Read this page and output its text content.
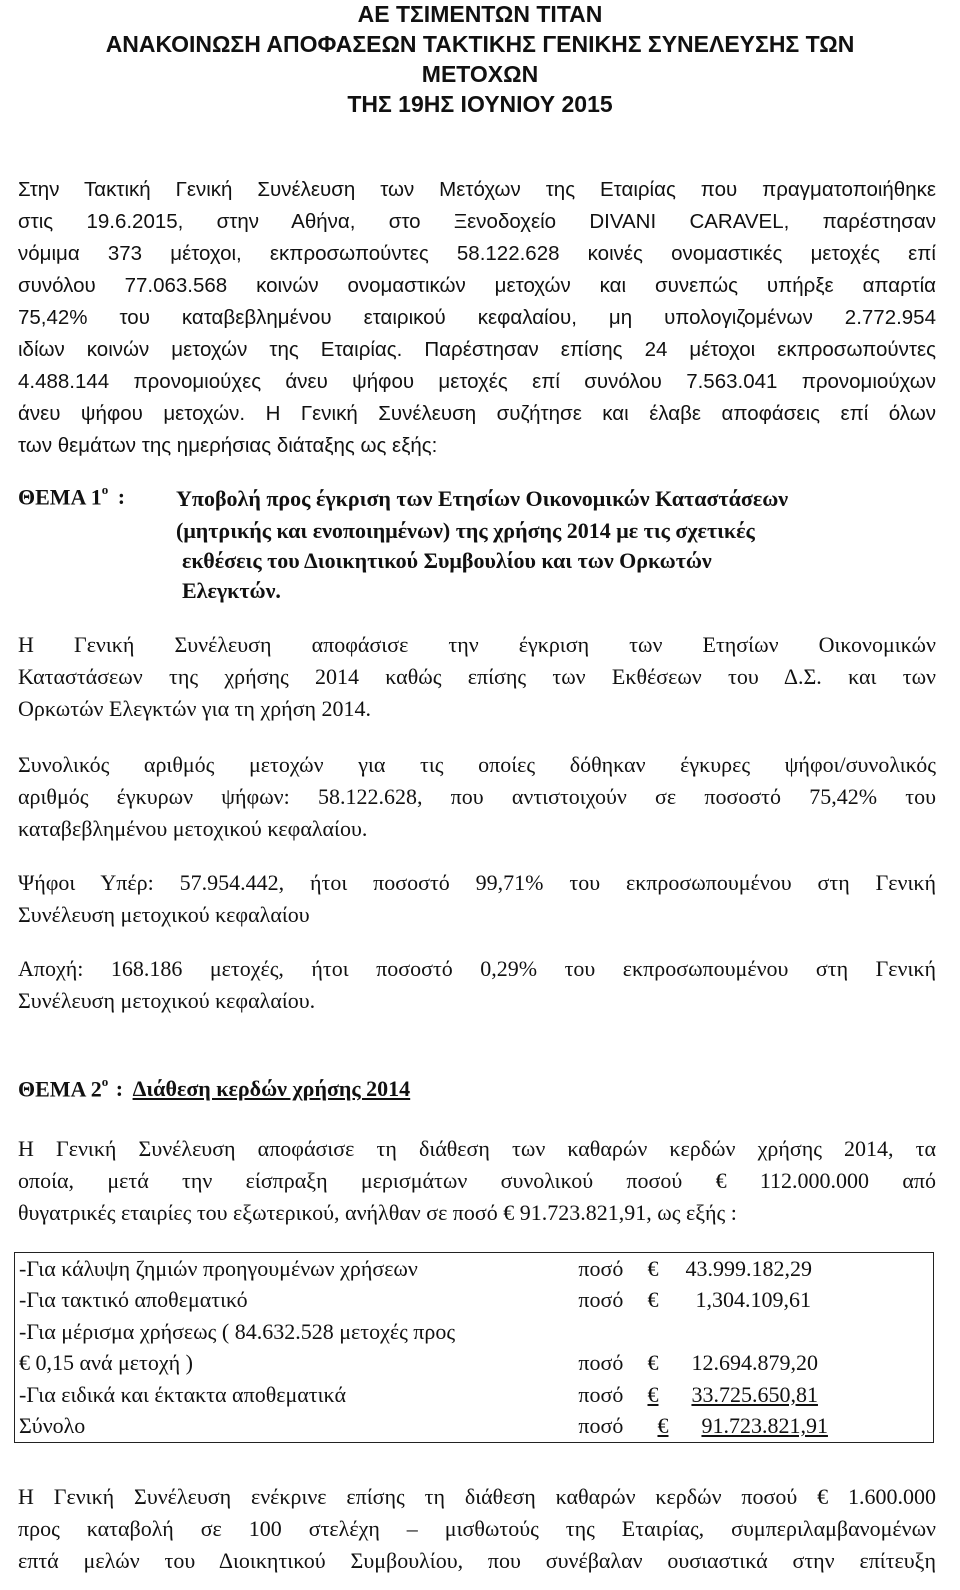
ΑΕ ΤΣΙΜΕΝΤΩΝ ΤΙΤΑΝ
ΑΝΑΚΟΙΝΩΣΗ ΑΠΟΦΑΣΕΩΝ ΤΑΚΤΙΚΗΣ ΓΕΝΙΚΗΣ ΣΥΝΕΛΕΥΣΗΣ ΤΩΝ
ΜΕΤΟΧΩΝ
ΤΗΣ 19ΗΣ ΙΟΥΝΙΟΥ 2015
Στην Τακτική Γενική Συνέλευση των Μετόχων της Εταιρίας που πραγματοποιήθηκε
στις 19.6.2015, στην Αθήνα, στο Ξενοδοχείο DIVANI CARAVEL, παρέστησαν
νόμιμα 373 μέτοχοι, εκπροσωπούντες 58.122.628 κοινές ονομαστικές μετοχές επί
συνόλου 77.063.568 κοινών ονομαστικών μετοχών και συνεπώς υπήρξε απαρτία
75,42% του καταβεβλημένου εταιρικού κεφαλαίου, μη υπολογιζομένων 2.772.954
ιδίων κοινών μετοχών της Εταιρίας. Παρέστησαν επίσης 24 μέτοχοι εκπροσωπούντες
4.488.144 προνομιούχες άνευ ψήφου μετοχές επί συνόλου 7.563.041 προνομιούχων
άνευ ψήφου μετοχών. Η Γενική Συνέλευση συζήτησε και έλαβε αποφάσεις επί όλων
των θεμάτων της ημερήσιας διάταξης ως εξής:
ΘΕΜΑ $1^o$ : Υποβολή προς έγκριση των Ετησίων Οικονομικών Καταστάσεων
(μητρικής και ενοποιημένων) της χρήσης 2014 με τις σχετικές
εκθέσεις του Διοικητικού Συμβουλίου και των Ορκωτών
Ελεγκτών.
Η Γενική Συνέλευση αποφάσισε την έγκριση των Ετησίων Οικονομικών
Καταστάσεων της χρήσης 2014 καθώς επίσης των Εκθέσεων του Δ.Σ. και των
Ορκωτών Ελεγκτών για τη χρήση 2014.
Συνολικός αριθμός μετοχών για τις οποίες δόθηκαν έγκυρες ψήφοι/συνολικός
αριθμός έγκυρων ψήφων: 58.122.628, που αντιστοιχούν σε ποσοστό 75,42% του
καταβεβλημένου μετοχικού κεφαλαίου.
Ψήφοι Υπέρ: 57.954.442, ήτοι ποσοστό 99,71% του εκπροσωπουμένου στη Γενική
Συνέλευση μετοχικού κεφαλαίου
Αποχή: 168.186 μετοχές, ήτοι ποσοστό 0,29% του εκπροσωπουμένου στη Γενική
Συνέλευση μετοχικού κεφαλαίου.
ΘΕΜΑ $2^o$ : Διάθεση κερδών χρήσης 2014
Η Γενική Συνέλευση αποφάσισε τη διάθεση των καθαρών κερδών χρήσης 2014, τα
οποία, μετά την είσπραξη μερισμάτων συνολικού ποσού € 112.000.000 από
θυγατρικές εταιρίες του εξωτερικού, ανήλθαν σε ποσό € 91.723.821,91, ως εξής :
-Για κάλυψη ζημιών προηγουμένων χρήσεων	ποσό	€	43.999.182,29
-Για τακτικό αποθεματικό	ποσό	€	1,304.109,61
-Για μέρισμα χρήσεως ( 84.632.528 μετοχές προς			
€ 0,15 ανά μετοχή )	ποσό	€	12.694.879,20
-Για ειδικά και έκτακτα αποθεματικά	ποσό	€	33.725.650,81
Σύνολο	ποσό	€	91.723.821,91
Η Γενική Συνέλευση ενέκρινε επίσης τη διάθεση καθαρών κερδών ποσού € 1.600.000
προς καταβολή σε 100 στελέχη – μισθωτούς της Εταιρίας, συμπεριλαμβανομένων
επτά μελών του Διοικητικού Συμβουλίου, που συνέβαλαν ουσιαστικά στην επίτευξη
